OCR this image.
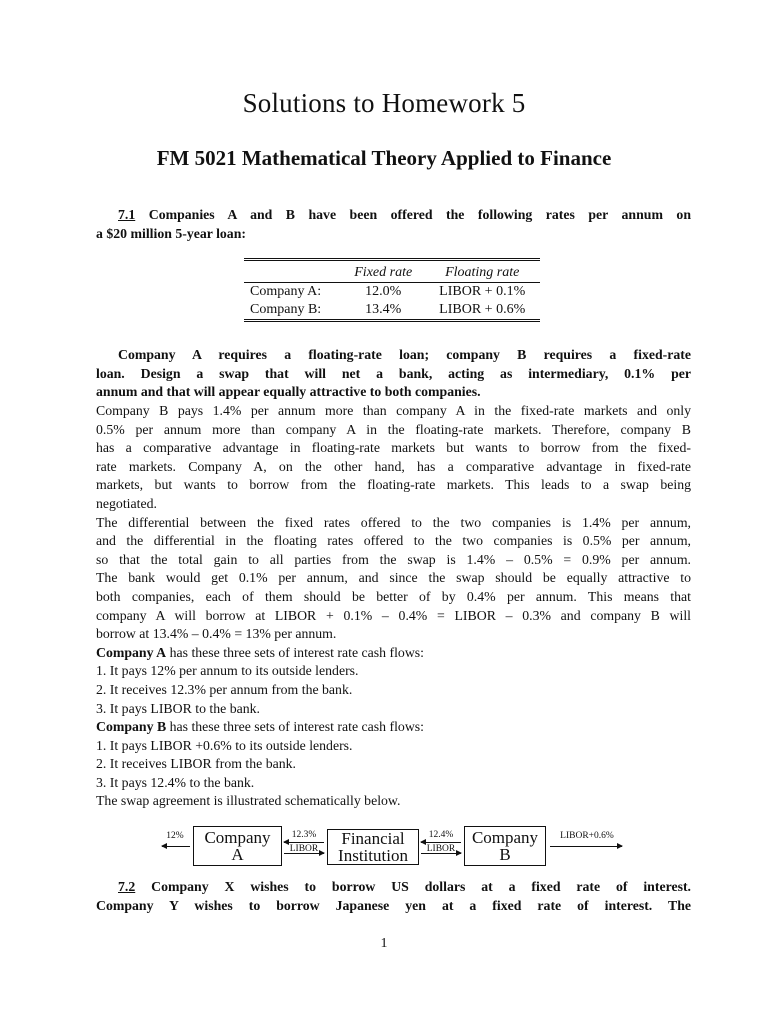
Solutions to Homework 5
FM 5021 Mathematical Theory Applied to Finance
7.1 Companies A and B have been offered the following rates per annum on
a $20 million 5-year loan:
	Fixed rate	Floating rate
Company A:	12.0%	LIBOR + 0.1%
Company B:	13.4%	LIBOR + 0.6%
Company A requires a floating-rate loan; company B requires a fixed-rate
loan. Design a swap that will net a bank, acting as intermediary, 0.1% per
annum and that will appear equally attractive to both companies.
Company B pays 1.4% per annum more than company A in the fixed-rate markets and only
0.5% per annum more than company A in the floating-rate markets. Therefore, company B
has a comparative advantage in floating-rate markets but wants to borrow from the fixed-
rate markets. Company A, on the other hand, has a comparative advantage in fixed-rate
markets, but wants to borrow from the floating-rate markets. This leads to a swap being
negotiated.
The differential between the fixed rates offered to the two companies is 1.4% per annum,
and the differential in the floating rates offered to the two companies is 0.5% per annum,
so that the total gain to all parties from the swap is 1.4% – 0.5% = 0.9% per annum.
The bank would get 0.1% per annum, and since the swap should be equally attractive to
both companies, each of them should be better of by 0.4% per annum. This means that
company A will borrow at LIBOR + 0.1% – 0.4% = LIBOR – 0.3% and company B will
borrow at 13.4% – 0.4% = 13% per annum.
Company A has these three sets of interest rate cash flows:
1. It pays 12% per annum to its outside lenders.
2. It receives 12.3% per annum from the bank.
3. It pays LIBOR to the bank.
Company B has these three sets of interest rate cash flows:
1. It pays LIBOR +0.6% to its outside lenders.
2. It receives LIBOR from the bank.
3. It pays 12.4% to the bank.
The swap agreement is illustrated schematically below.
12%	Company
A
12.3%
LIBOR
Financial
Institution
12.4%
LIBOR
Company
B
LIBOR+0.6%
7.2 Company X wishes to borrow US dollars at a fixed rate of interest.
Company Y wishes to borrow Japanese yen at a fixed rate of interest. The
1
